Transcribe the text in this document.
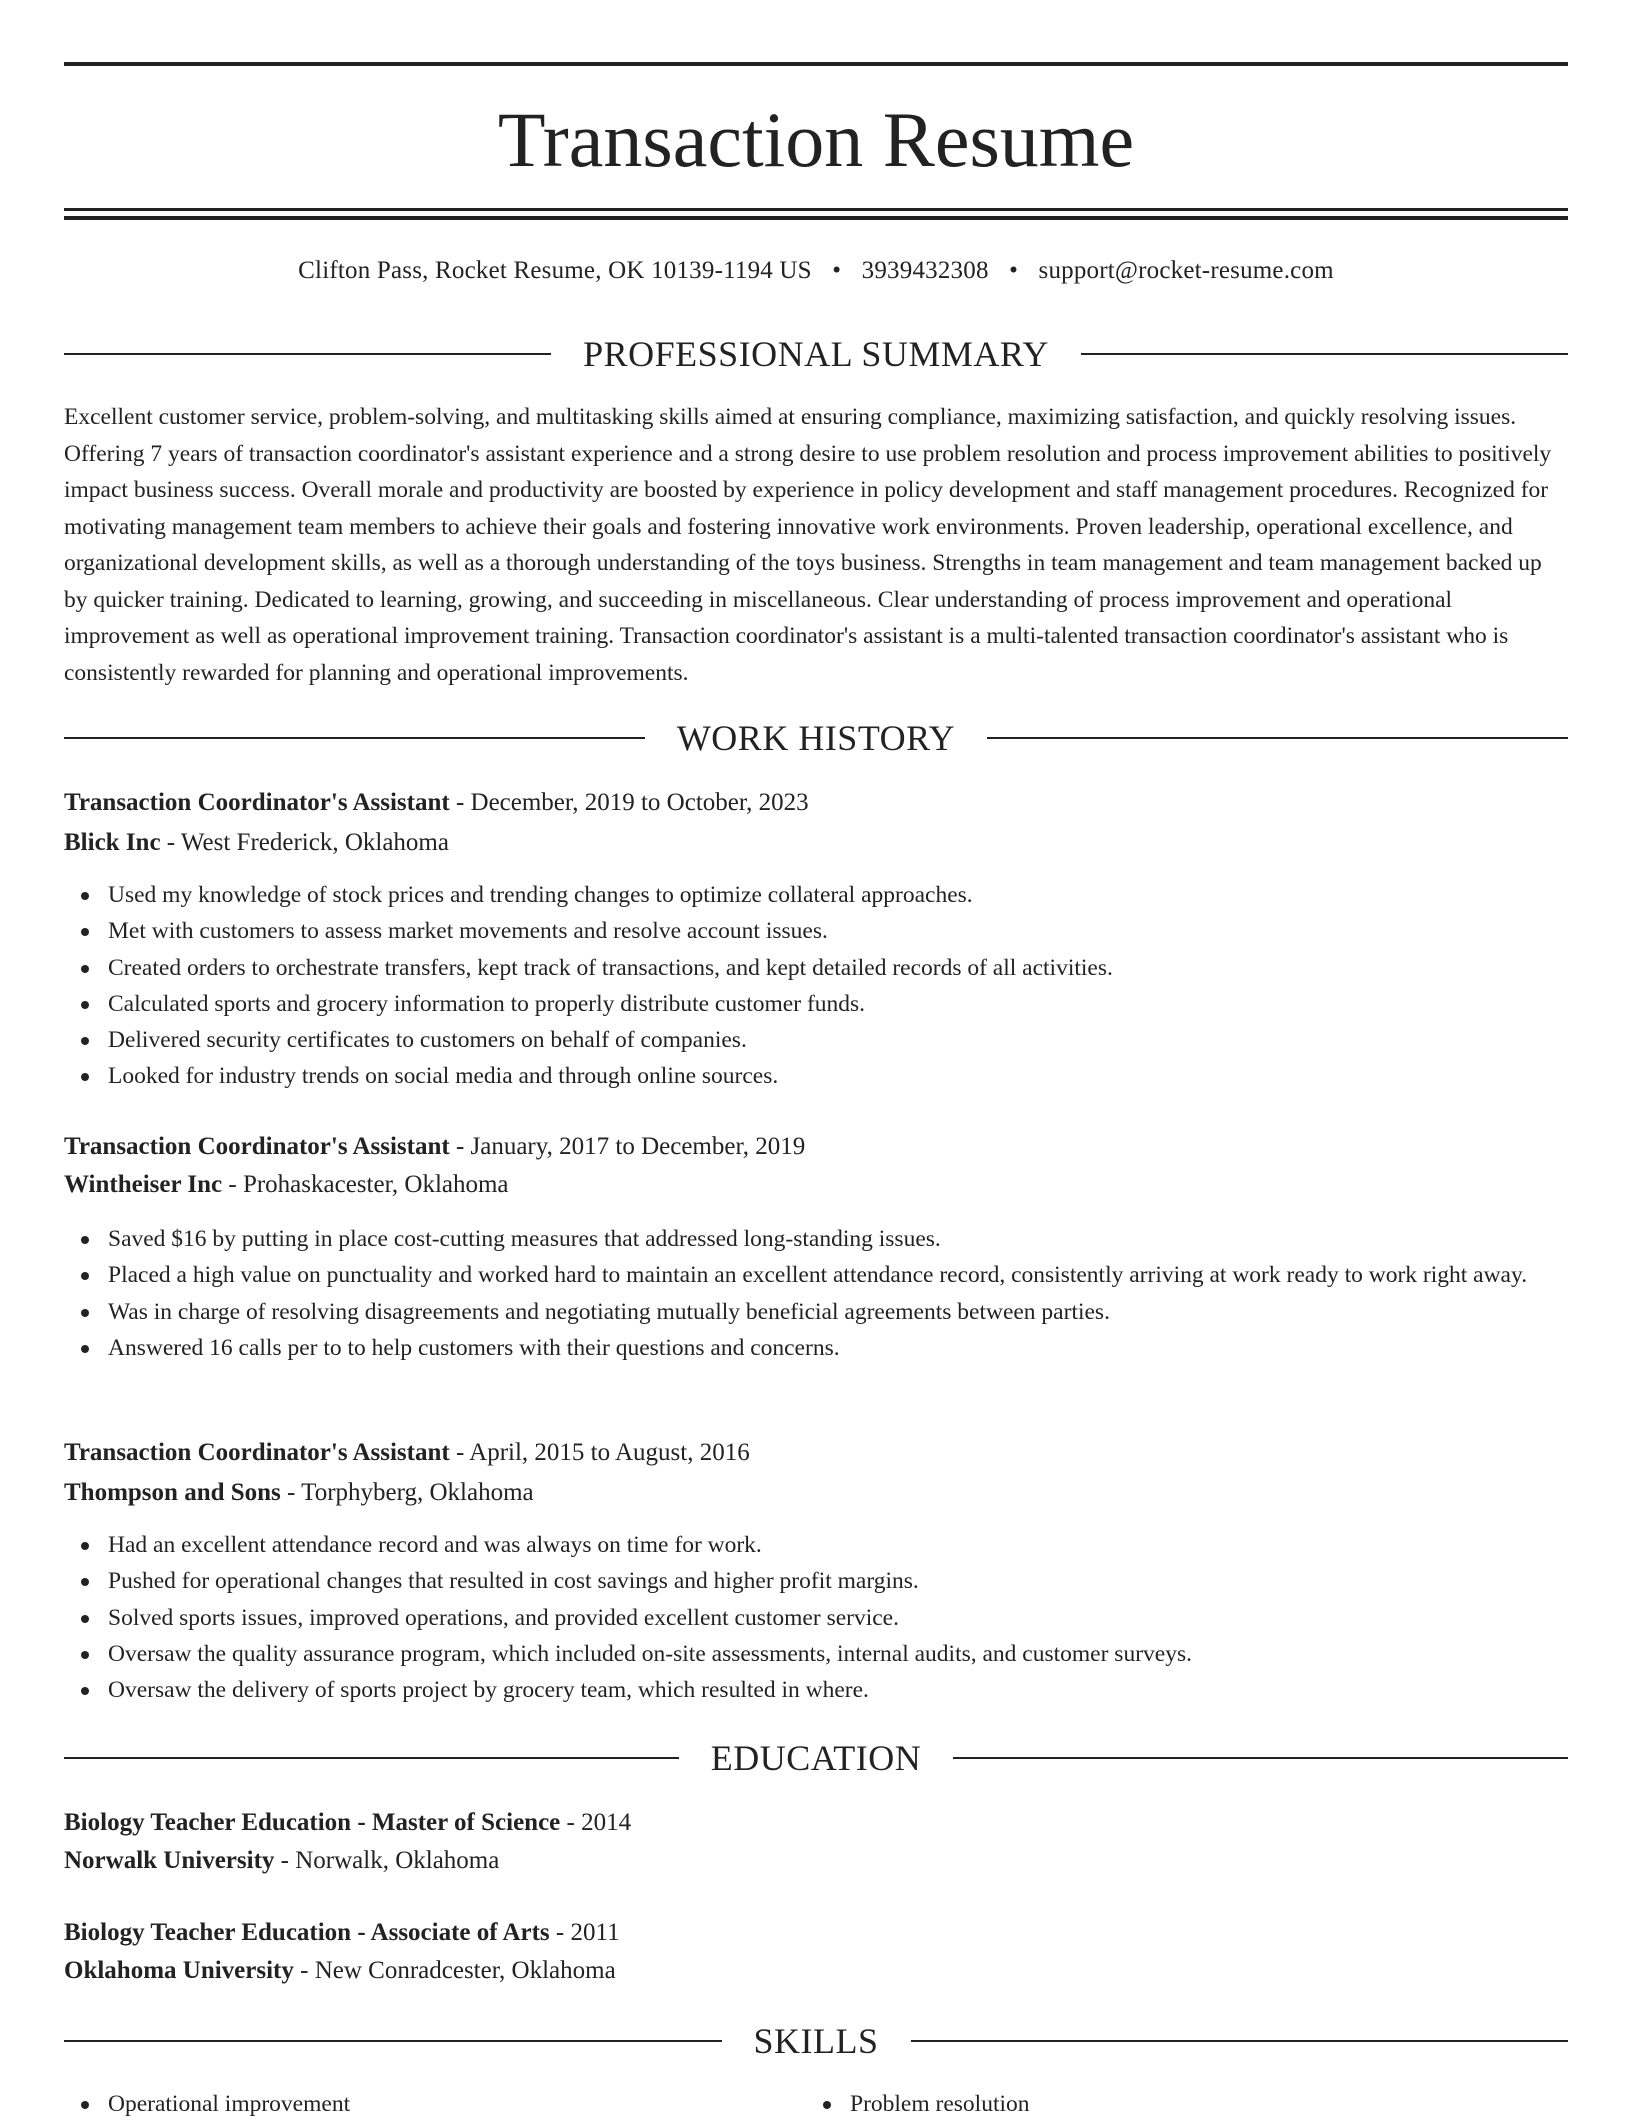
Transaction Resume
Clifton Pass, Rocket Resume, OK 10139-1194 US • 3939432308 • support@rocket-resume.com
PROFESSIONAL SUMMARY

Excellent customer service, problem-solving, and multitasking skills aimed at ensuring compliance, maximizing satisfaction, and quickly resolving issues. Offering 7 years of transaction coordinator's assistant experience and a strong desire to use problem resolution and process improvement abilities to positively impact business success. Overall morale and productivity are boosted by experience in policy development and staff management procedures. Recognized for motivating management team members to achieve their goals and fostering innovative work environments. Proven leadership, operational excellence, and organizational development skills, as well as a thorough understanding of the toys business. Strengths in team management and team management backed up by quicker training. Dedicated to learning, growing, and succeeding in miscellaneous. Clear understanding of process improvement and operational improvement as well as operational improvement training. Transaction coordinator's assistant is a multi-talented transaction coordinator's assistant who is consistently rewarded for planning and operational improvements.

WORK HISTORY
Transaction Coordinator's Assistant - December, 2019 to October, 2023
Blick Inc - West Frederick, Oklahoma
Used my knowledge of stock prices and trending changes to optimize collateral approaches.
Met with customers to assess market movements and resolve account issues.
Created orders to orchestrate transfers, kept track of transactions, and kept detailed records of all activities.
Calculated sports and grocery information to properly distribute customer funds.
Delivered security certificates to customers on behalf of companies.
Looked for industry trends on social media and through online sources.
Transaction Coordinator's Assistant - January, 2017 to December, 2019
Wintheiser Inc - Prohaskacester, Oklahoma
Saved $16 by putting in place cost-cutting measures that addressed long-standing issues.
Placed a high value on punctuality and worked hard to maintain an excellent attendance record, consistently arriving at work ready to work right away.
Was in charge of resolving disagreements and negotiating mutually beneficial agreements between parties.
Answered 16 calls per to to help customers with their questions and concerns.
Transaction Coordinator's Assistant - April, 2015 to August, 2016
Thompson and Sons - Torphyberg, Oklahoma
Had an excellent attendance record and was always on time for work.
Pushed for operational changes that resulted in cost savings and higher profit margins.
Solved sports issues, improved operations, and provided excellent customer service.
Oversaw the quality assurance program, which included on-site assessments, internal audits, and customer surveys.
Oversaw the delivery of sports project by grocery team, which resulted in where.
EDUCATION
Biology Teacher Education - Master of Science - 2014
Norwalk University - Norwalk, Oklahoma
Biology Teacher Education - Associate of Arts - 2011
Oklahoma University - New Conradcester, Oklahoma
SKILLS
Operational improvement	Problem resolution
